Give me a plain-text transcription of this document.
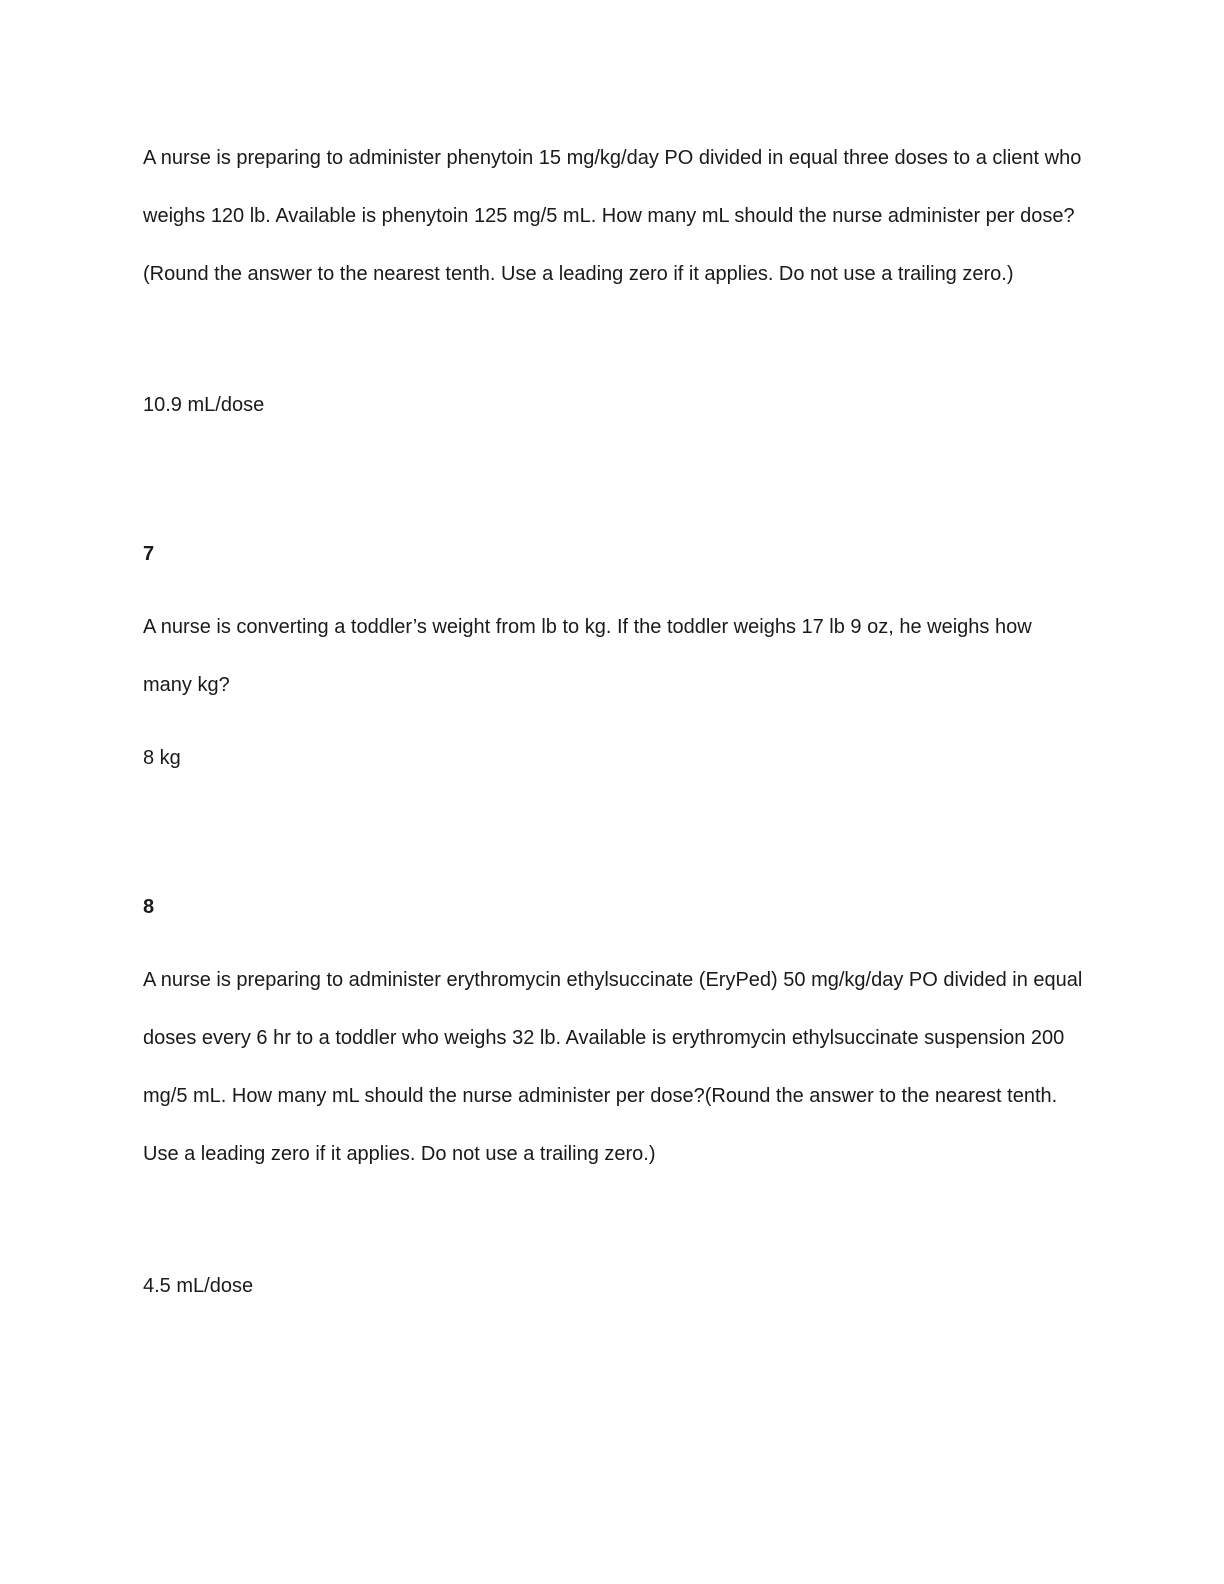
A nurse is preparing to administer phenytoin 15 mg/kg/day PO divided in equal three doses to a client who weighs 120 lb. Available is phenytoin 125 mg/5 mL. How many mL should the nurse administer per dose? (Round the answer to the nearest tenth. Use a leading zero if it applies. Do not use a trailing zero.)

10.9 mL/dose

7

A nurse is converting a toddler’s weight from lb to kg. If the toddler weighs 17 lb 9 oz, he weighs how many kg?

8 kg

8

A nurse is preparing to administer erythromycin ethylsuccinate (EryPed) 50 mg/kg/day PO divided in equal doses every 6 hr to a toddler who weighs 32 lb. Available is erythromycin ethylsuccinate suspension 200 mg/5 mL. How many mL should the nurse administer per dose?(Round the answer to the nearest tenth. Use a leading zero if it applies. Do not use a trailing zero.)

4.5 mL/dose
